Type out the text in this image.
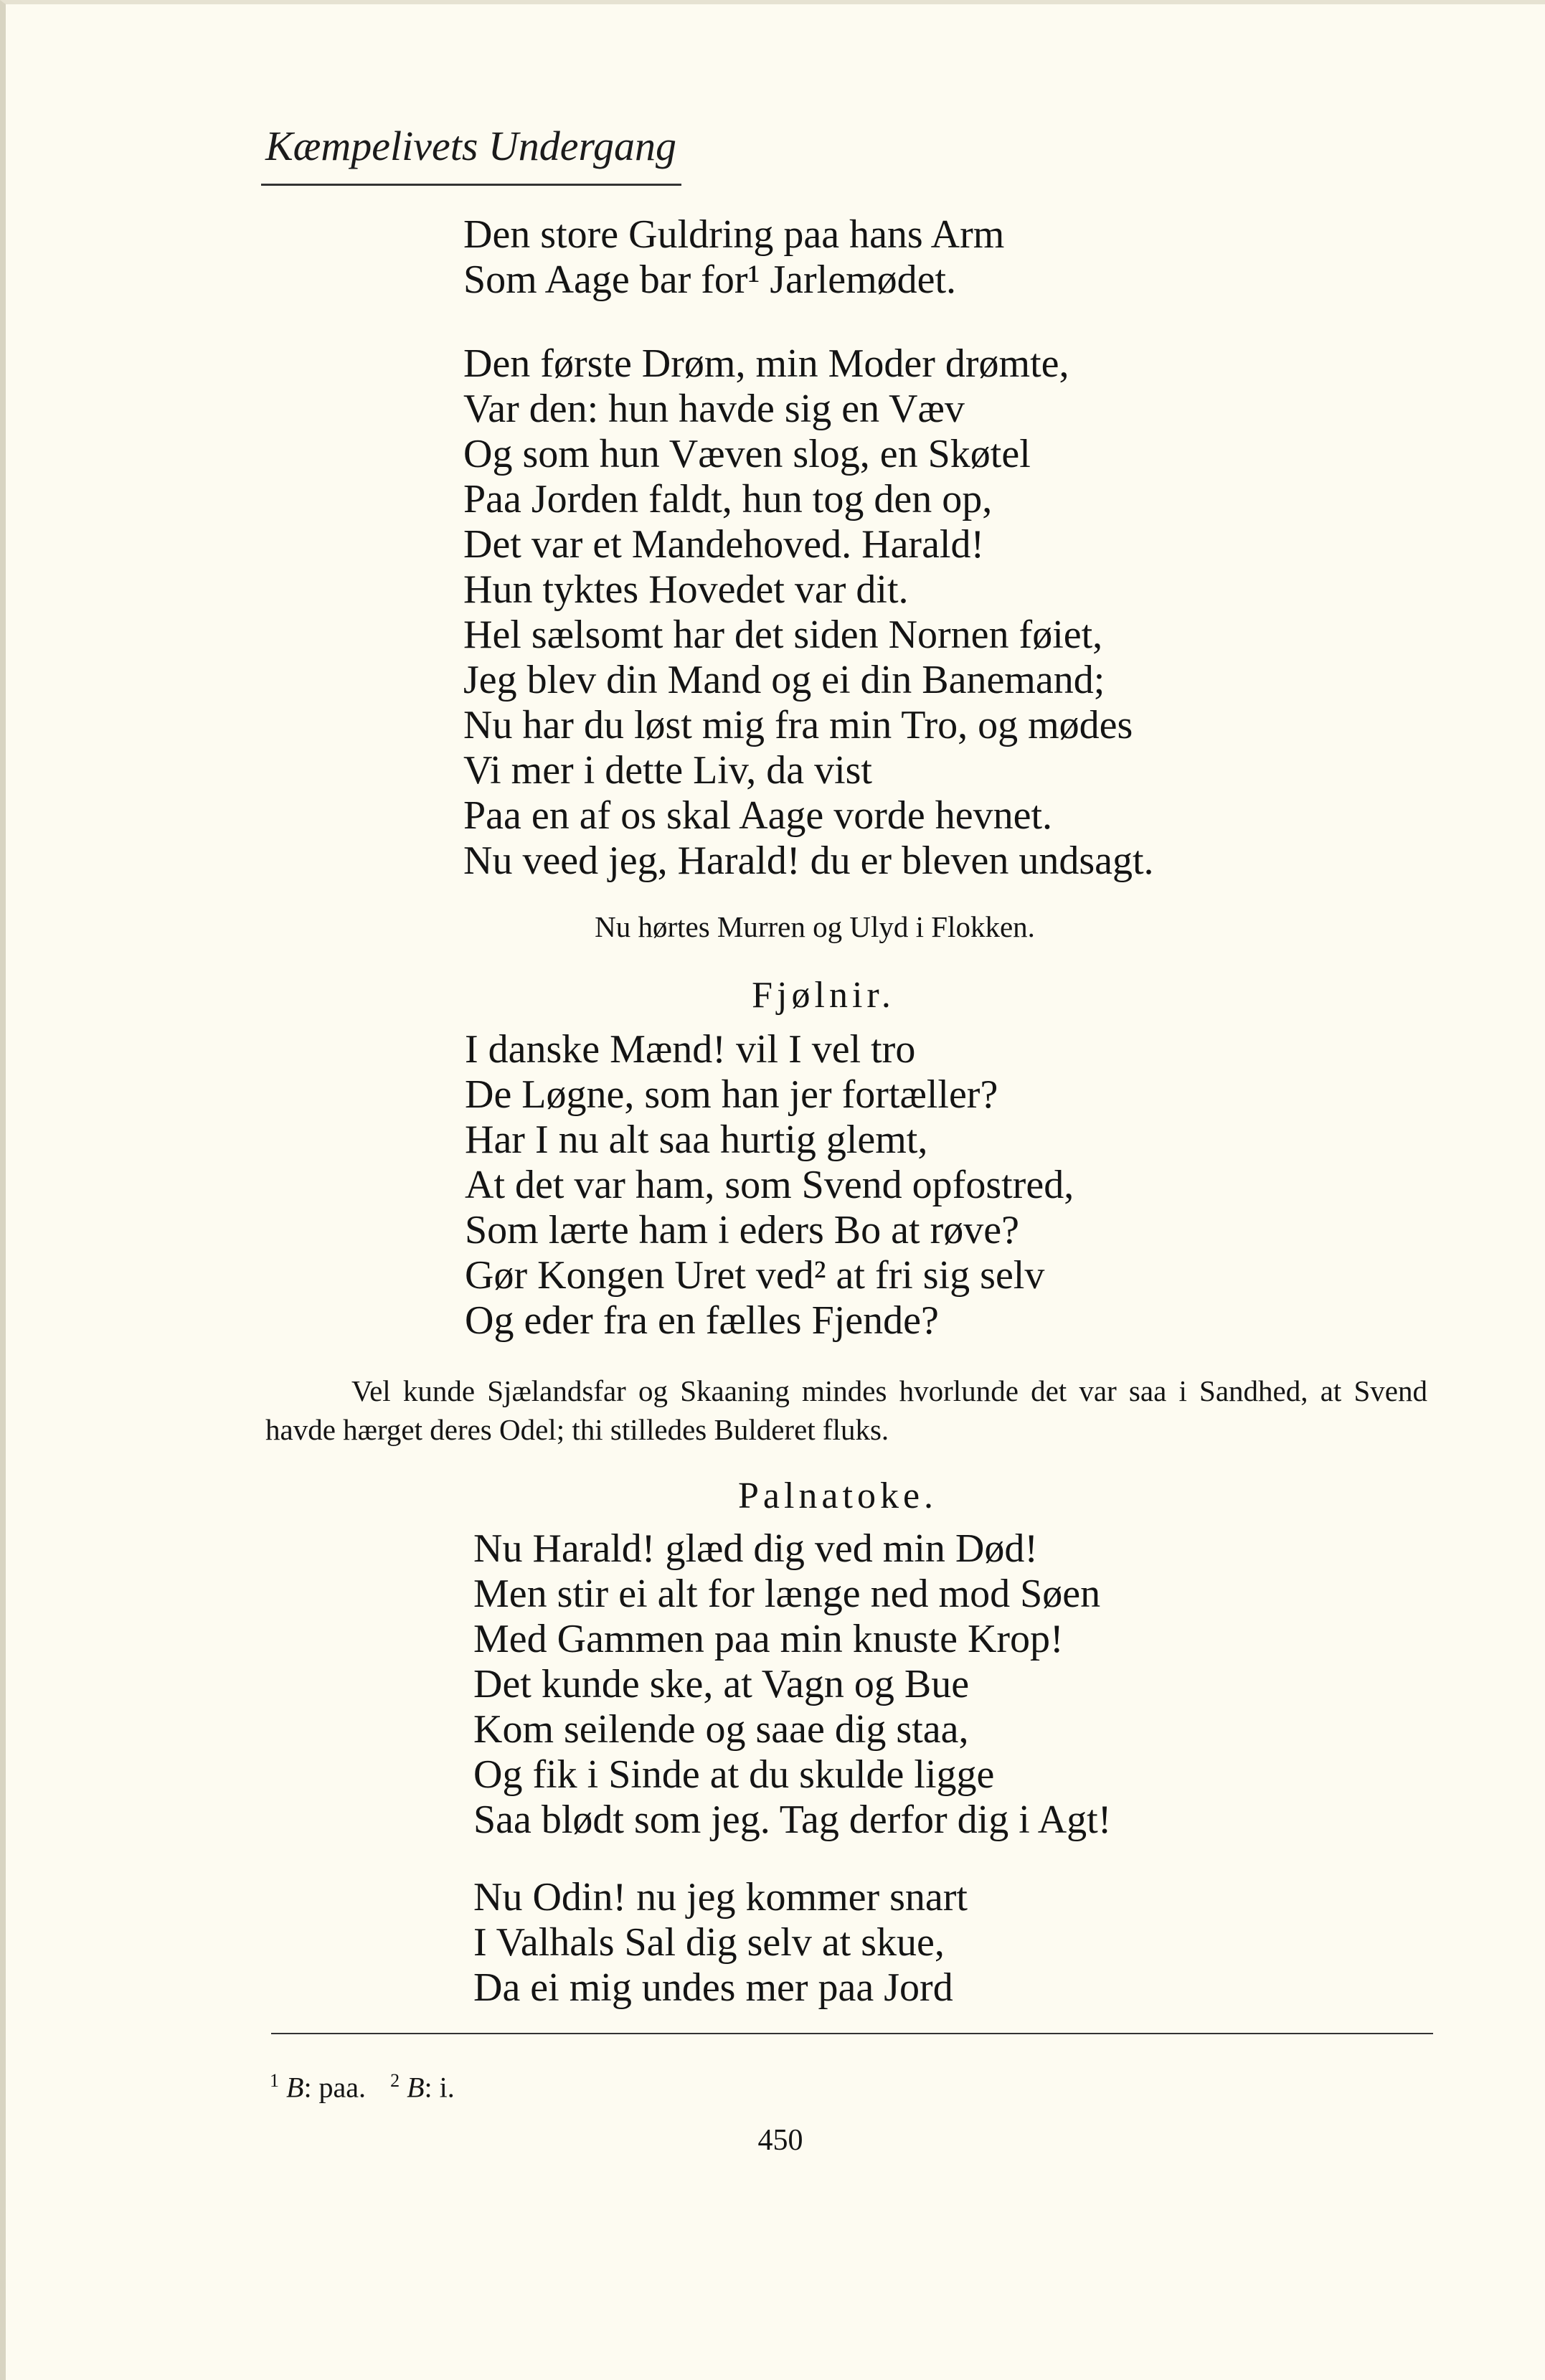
Kæmpelivets Undergang
Den store Guldring paa hans Arm
Som Aage bar for¹ Jarlemødet.
Den første Drøm, min Moder drømte,
Var den: hun havde sig en Væv
Og som hun Væven slog, en Skøtel
Paa Jorden faldt, hun tog den op,
Det var et Mandehoved. Harald!
Hun tyktes Hovedet var dit.
Hel sælsomt har det siden Nornen føiet,
Jeg blev din Mand og ei din Banemand;
Nu har du løst mig fra min Tro, og mødes
Vi mer i dette Liv, da vist
Paa en af os skal Aage vorde hevnet.
Nu veed jeg, Harald! du er bleven undsagt.
Nu hørtes Murren og Ulyd i Flokken.
Fjølnir.
I danske Mænd! vil I vel tro
De Løgne, som han jer fortæller?
Har I nu alt saa hurtig glemt,
At det var ham, som Svend opfostred,
Som lærte ham i eders Bo at røve?
Gør Kongen Uret ved² at fri sig selv
Og eder fra en fælles Fjende?
Vel kunde Sjælandsfar og Skaaning mindes hvorlunde det var saa i Sandhed, at Svend havde hærget deres Odel; thi stilledes Bulderet fluks.
Palnatoke.
Nu Harald! glæd dig ved min Død!
Men stir ei alt for længe ned mod Søen
Med Gammen paa min knuste Krop!
Det kunde ske, at Vagn og Bue
Kom seilende og saae dig staa,
Og fik i Sinde at du skulde ligge
Saa blødt som jeg. Tag derfor dig i Agt!
Nu Odin! nu jeg kommer snart
I Valhals Sal dig selv at skue,
Da ei mig undes mer paa Jord
$^1$ B: paa. $^2$ B: i.
450
